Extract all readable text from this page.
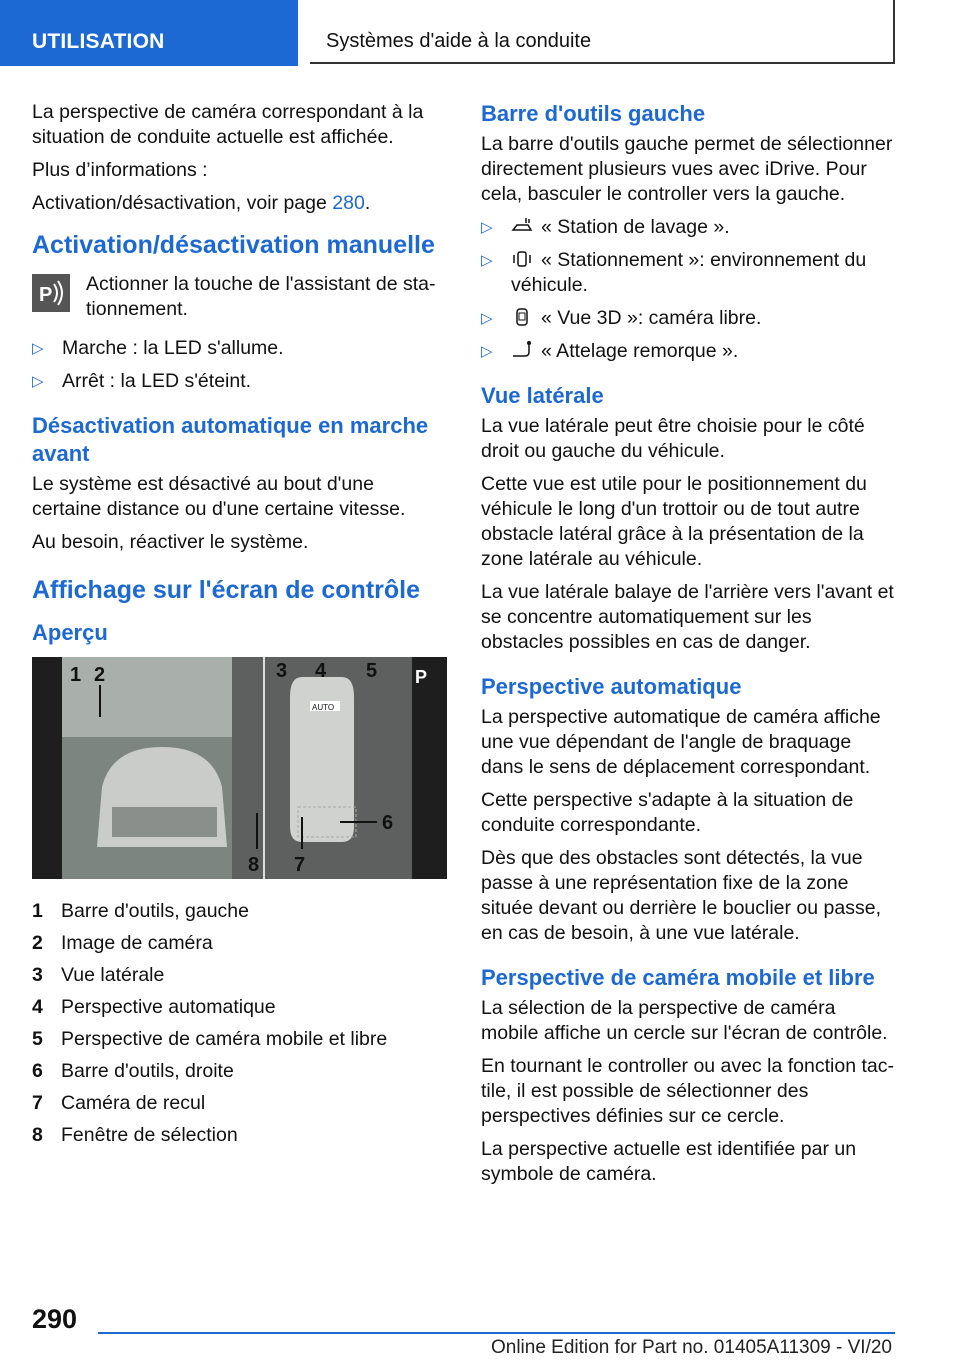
UTILISATION	Systèmes d'aide à la conduite

La perspective de caméra correspondant à la situation de conduite actuelle est affichée.

Plus d’informations :

Activation/désactivation, voir page 280.

Activation/désactivation manuelle
P Actionner la touche de l'assistant de stationnement.

▷ Marche : la LED s'allume.
▷ Arrêt : la LED s'éteint.
Désactivation automatique en marche avant

Le système est désactivé au bout d'une certaine distance ou d'une certaine vitesse.

Au besoin, réactiver le système.

Affichage sur l'écran de contrôle
Aperçu
1 2	3 4 5
6
7
8
AUTO
P
1 Barre d'outils, gauche
2 Image de caméra
3 Vue latérale
4 Perspective automatique
5 Perspective de caméra mobile et libre
6 Barre d'outils, droite
7 Caméra de recul
8 Fenêtre de sélection
Barre d'outils gauche

La barre d'outils gauche permet de sélectionner directement plusieurs vues avec iDrive. Pour cela, basculer le controller vers la gauche.

▷ « Station de lavage ».
▷ « Stationnement »: environnement du véhicule.
▷ « Vue 3D »: caméra libre.
▷ « Attelage remorque ».
Vue latérale

La vue latérale peut être choisie pour le côté droit ou gauche du véhicule.

Cette vue est utile pour le positionnement du véhicule le long d'un trottoir ou de tout autre obstacle latéral grâce à la présentation de la zone latérale au véhicule.

La vue latérale balaye de l'arrière vers l'avant et se concentre automatiquement sur les obstacles possibles en cas de danger.

Perspective automatique

La perspective automatique de caméra affiche une vue dépendant de l'angle de braquage dans le sens de déplacement correspondant.

Cette perspective s'adapte à la situation de conduite correspondante.

Dès que des obstacles sont détectés, la vue passe à une représentation fixe de la zone située devant ou derrière le bouclier ou passe, en cas de besoin, à une vue latérale.

Perspective de caméra mobile et libre

La sélection de la perspective de caméra mobile affiche un cercle sur l'écran de contrôle.

En tournant le controller ou avec la fonction tactile, il est possible de sélectionner des perspectives définies sur ce cercle.

La perspective actuelle est identifiée par un symbole de caméra.

290
Online Edition for Part no. 01405A11309 - VI/20
